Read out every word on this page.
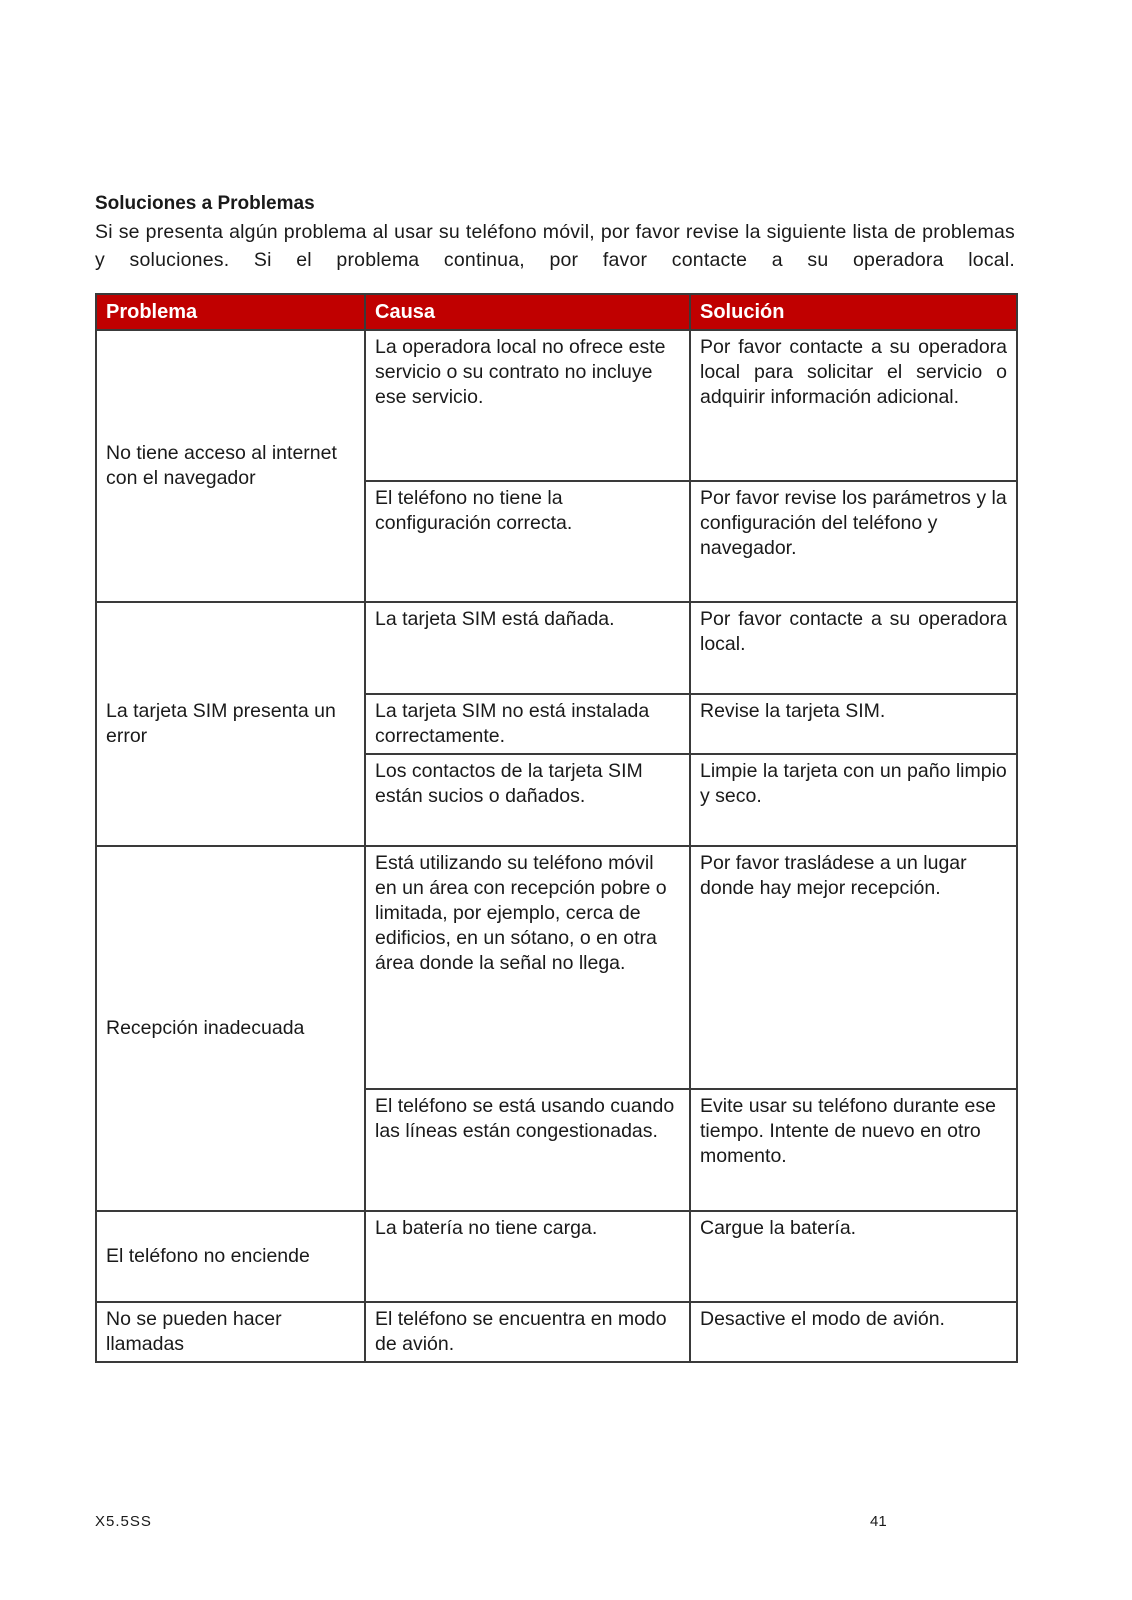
Soluciones a Problemas

Si se presenta algún problema al usar su teléfono móvil, por favor revise la siguiente lista de problemas y soluciones. Si el problema continua, por favor contacte a su operadora local.

Problema	Causa	Solución
No tiene acceso al internet con el navegador	La operadora local no ofrece este servicio o su contrato no incluye ese servicio.	Por favor contacte a su operadora local para solicitar el servicio o adquirir información adicional.
	El teléfono no tiene la configuración correcta.	Por favor revise los parámetros y la configuración del teléfono y navegador.
La tarjeta SIM presenta un error	La tarjeta SIM está dañada.	Por favor contacte a su operadora local.
	La tarjeta SIM no está instalada correctamente.	Revise la tarjeta SIM.
	Los contactos de la tarjeta SIM están sucios o dañados.	Limpie la tarjeta con un paño limpio y seco.
Recepción inadecuada	Está utilizando su teléfono móvil en un área con recepción pobre o limitada, por ejemplo, cerca de edificios, en un sótano, o en otra área donde la señal no llega.	Por favor trasládese a un lugar donde hay mejor recepción.
	El teléfono se está usando cuando las líneas están congestionadas.	Evite usar su teléfono durante ese tiempo. Intente de nuevo en otro momento.
El teléfono no enciende	La batería no tiene carga.	Cargue la batería.
No se pueden hacer llamadas	El teléfono se encuentra en modo de avión.	Desactive el modo de avión.
X5.5SS	41
